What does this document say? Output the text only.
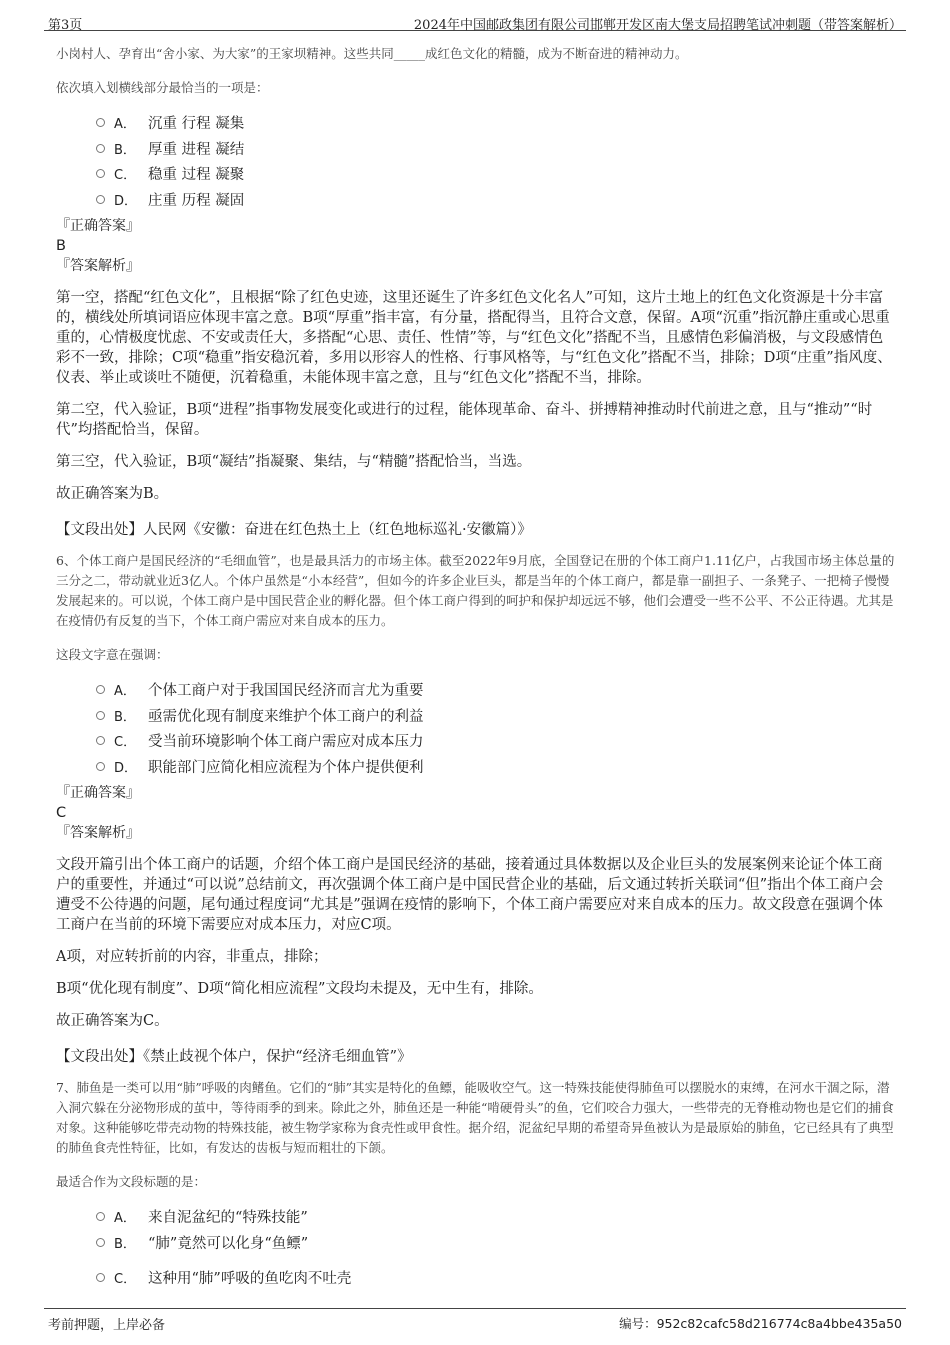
第3页	2024年中国邮政集团有限公司邯郸开发区南大堡支局招聘笔试冲刺题（带答案解析）

小岗村人、孕育出“舍小家、为大家”的王家坝精神。这些共同_____成红色文化的精髓，成为不断奋进的精神动力。

依次填入划横线部分最恰当的一项是：

A． 沉重 行程 凝集
B． 厚重 进程 凝结
C． 稳重 过程 凝聚
D． 庄重 历程 凝固

『正确答案』

B

『答案解析』

第一空，搭配“红色文化”，且根据“除了红色史迹，这里还诞生了许多红色文化名人”可知，这片土地上的红色文化资源是十分丰富的，横线处所填词语应体现丰富之意。B项“厚重”指丰富，有分量，搭配得当，且符合文意，保留。A项“沉重”指沉静庄重或心思重重的，心情极度忧虑、不安或责任大，多搭配“心思、责任、性情”等，与“红色文化”搭配不当，且感情色彩偏消极，与文段感情色彩不一致，排除；C项“稳重”指安稳沉着，多用以形容人的性格、行事风格等，与“红色文化”搭配不当，排除；D项“庄重”指风度、仪表、举止或谈吐不随便，沉着稳重，未能体现丰富之意，且与“红色文化”搭配不当，排除。

第二空，代入验证，B项“进程”指事物发展变化或进行的过程，能体现革命、奋斗、拼搏精神推动时代前进之意，且与“推动”“时代”均搭配恰当，保留。

第三空，代入验证，B项“凝结”指凝聚、集结，与“精髓”搭配恰当，当选。

故正确答案为B。

【文段出处】人民网《安徽：奋进在红色热土上（红色地标巡礼·安徽篇）》

6、个体工商户是国民经济的“毛细血管”，也是最具活力的市场主体。截至2022年9月底，全国登记在册的个体工商户1.11亿户，占我国市场主体总量的三分之二，带动就业近3亿人。个体户虽然是“小本经营”，但如今的许多企业巨头，都是当年的个体工商户，都是靠一副担子、一条凳子、一把椅子慢慢发展起来的。可以说，个体工商户是中国民营企业的孵化器。但个体工商户得到的呵护和保护却远远不够，他们会遭受一些不公平、不公正待遇。尤其是在疫情仍有反复的当下，个体工商户需应对来自成本的压力。

这段文字意在强调：

A． 个体工商户对于我国国民经济而言尤为重要
B． 亟需优化现有制度来维护个体工商户的利益
C． 受当前环境影响个体工商户需应对成本压力
D． 职能部门应简化相应流程为个体户提供便利

『正确答案』

C

『答案解析』

文段开篇引出个体工商户的话题，介绍个体工商户是国民经济的基础，接着通过具体数据以及企业巨头的发展案例来论证个体工商户的重要性，并通过“可以说”总结前文，再次强调个体工商户是中国民营企业的基础，后文通过转折关联词“但”指出个体工商户会遭受不公待遇的问题，尾句通过程度词“尤其是”强调在疫情的影响下，个体工商户需要应对来自成本的压力。故文段意在强调个体工商户在当前的环境下需要应对成本压力，对应C项。

A项，对应转折前的内容，非重点，排除；

B项“优化现有制度”、D项“简化相应流程”文段均未提及，无中生有，排除。

故正确答案为C。

【文段出处】《禁止歧视个体户，保护“经济毛细血管”》

7、肺鱼是一类可以用“肺”呼吸的肉鳍鱼。它们的“肺”其实是特化的鱼鳔，能吸收空气。这一特殊技能使得肺鱼可以摆脱水的束缚，在河水干涸之际，潜入洞穴躲在分泌物形成的茧中，等待雨季的到来。除此之外，肺鱼还是一种能“啃硬骨头”的鱼，它们咬合力强大，一些带壳的无脊椎动物也是它们的捕食对象。这种能够吃带壳动物的特殊技能，被生物学家称为食壳性或甲食性。据介绍，泥盆纪早期的希望奇异鱼被认为是最原始的肺鱼，它已经具有了典型的肺鱼食壳性特征，比如，有发达的齿板与短而粗壮的下颌。

最适合作为文段标题的是：

A． 来自泥盆纪的“特殊技能”
B． “肺”竟然可以化身“鱼鳔”
C． 这种用“肺”呼吸的鱼吃肉不吐壳
考前押题，上岸必备	编号：952c82cafc58d216774c8a4bbe435a50
